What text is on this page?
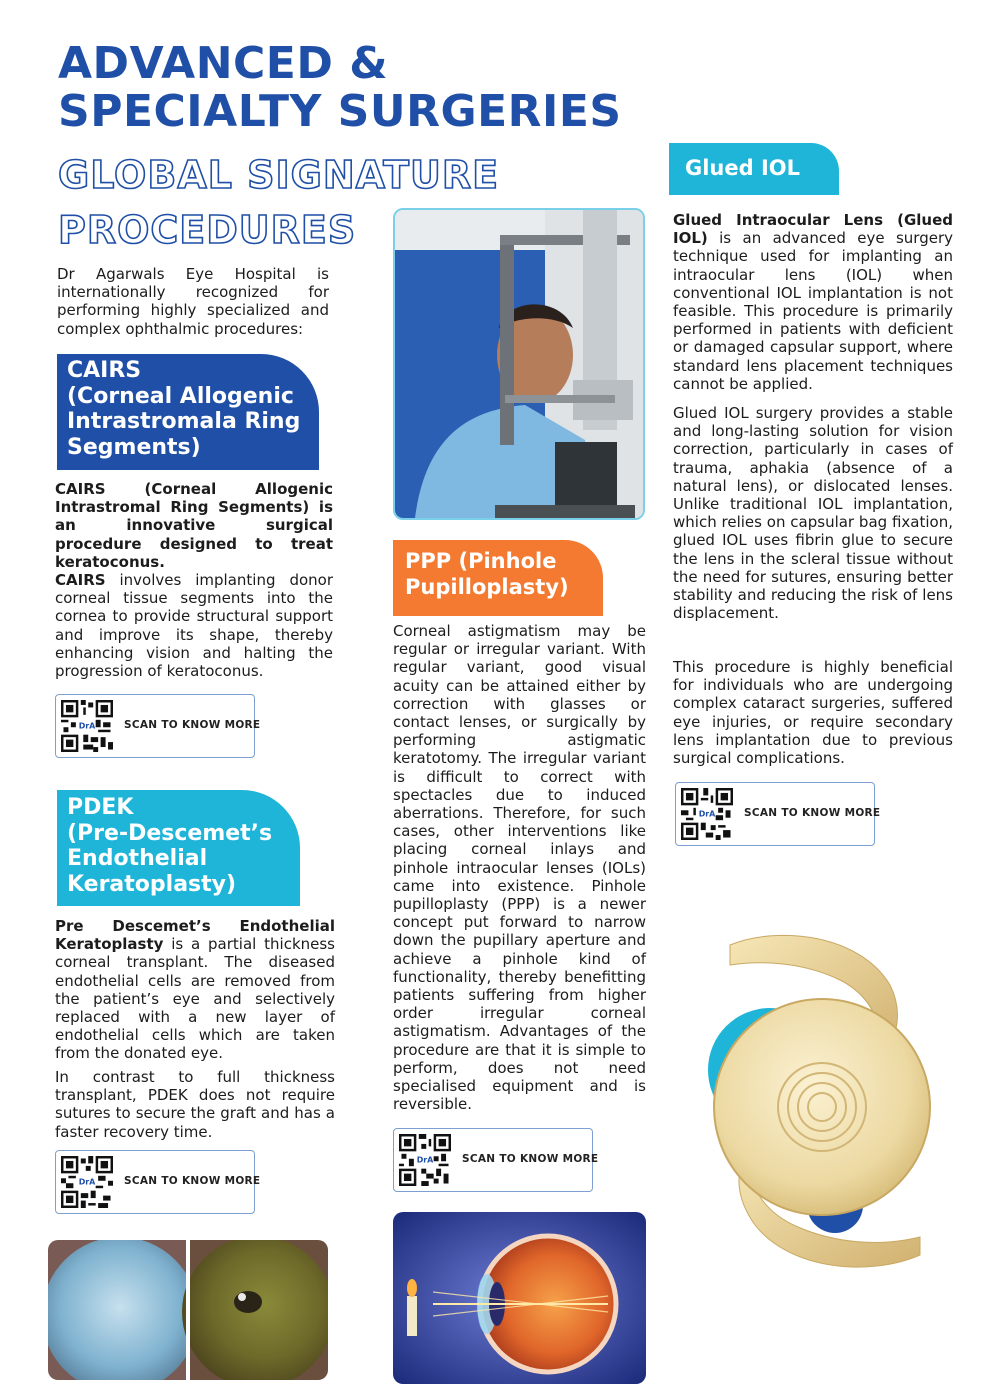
ADVANCED &
SPECIALTY SURGERIES
GLOBAL SIGNATURE
PROCEDURES
Dr Agarwals Eye Hospital is internationally recognized for performing highly specialized and complex ophthalmic procedures:
CAIRS
(Corneal Allogenic
Intrastromala Ring
Segments)
CAIRS (Corneal Allogenic Intrastromal Ring Segments) is an innovative surgical procedure designed to treat keratoconus.
CAIRS involves implanting donor corneal tissue segments into the cornea to provide structural support and improve its shape, thereby enhancing vision and halting the progression of keratoconus.
DrA	SCAN TO KNOW MORE
PDEK
(Pre-Descemet’s
Endothelial
Keratoplasty)
Pre Descemet’s Endothelial Keratoplasty is a partial thickness corneal transplant. The diseased endothelial cells are removed from the patient’s eye and selectively replaced with a new layer of endothelial cells which are taken from the donated eye.
In contrast to full thickness transplant, PDEK does not require sutures to secure the graft and has a faster recovery time.
DrA	SCAN TO KNOW MORE
PPP (Pinhole
Pupilloplasty)
Corneal astigmatism may be regular or irregular variant. With regular variant, good visual acuity can be attained either by correction with glasses or contact lenses, or surgically by performing astigmatic keratotomy. The irregular variant is difficult to correct with spectacles due to induced aberrations. Therefore, for such cases, other interventions like placing corneal inlays and pinhole intraocular lenses (IOLs) came into existence. Pinhole pupilloplasty (PPP) is a newer concept put forward to narrow down the pupillary aperture and achieve a pinhole kind of functionality, thereby benefitting patients suffering from higher order irregular corneal astigmatism. Advantages of the procedure are that it is simple to perform, does not need specialised equipment and is reversible.
DrA	SCAN TO KNOW MORE
Glued IOL
Glued Intraocular Lens (Glued IOL) is an advanced eye surgery technique used for implanting an intraocular lens (IOL) when conventional IOL implantation is not feasible. This procedure is primarily performed in patients with deficient or damaged capsular support, where standard lens placement techniques cannot be applied.
Glued IOL surgery provides a stable and long-lasting solution for vision correction, particularly in cases of trauma, aphakia (absence of a natural lens), or dislocated lenses. Unlike traditional IOL implantation, which relies on capsular bag fixation, glued IOL uses fibrin glue to secure the lens in the scleral tissue without the need for sutures, ensuring better stability and reducing the risk of lens displacement.
This procedure is highly beneficial for individuals who are undergoing complex cataract surgeries, suffered eye injuries, or require secondary lens implantation due to previous surgical complications.
DrA	SCAN TO KNOW MORE
